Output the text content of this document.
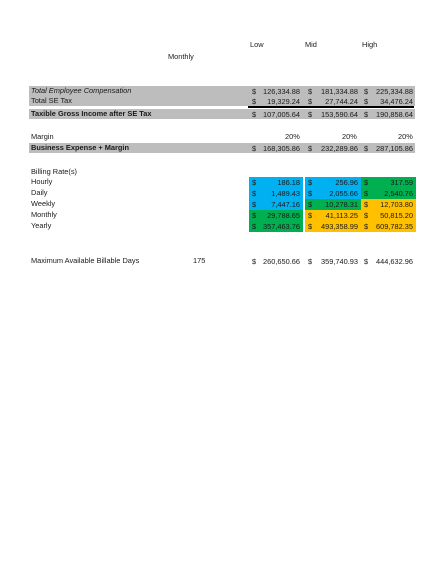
Low	Mid	High
Monthly
Total Employee Compensation	$ 126,334.88 $ 181,334.88 $ 225,334.88
Total SE Tax	$ 19,329.24 $ 27,744.24 $ 34,476.24
Taxible Gross Income after SE Tax	$ 107,005.64 $ 153,590.64 $ 190,858.64
Margin	20%	20%	20%
Business Expense + Margin	$ 168,305.86 $ 232,289.86 $ 287,105.86
Billing Rate(s)
Hourly	$	186.18 $	256.96 $	317.59
Daily	$ 1,489.43 $ 2,055.66 $ 2,540.76
Weekly	$ 7,447.16 $ 10,278.31 $ 12,703.80
Monthly	$ 29,788.65 $ 41,113.25 $ 50,815.20
Yearly	$ 357,463.76 $ 493,358.99 $ 609,782.35
Maximum Available Billable Days	175	$ 260,650.66 $ 359,740.93 $ 444,632.96
